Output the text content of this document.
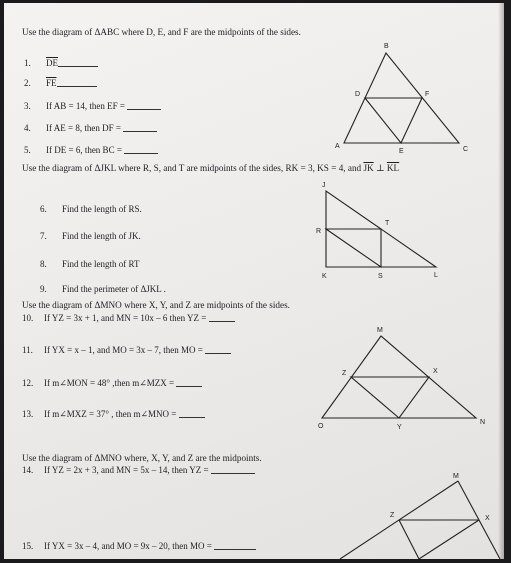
Use the diagram of ΔABC where D, E, and F are the midpoints of the sides.
1. $\overline{DE}$
2. $\overline{FE}$
3. If AB = 14, then EF =
4. If AE = 8, then DF =
5. If DE = 6, then BC =
B
D	F
A
E	C
Use the diagram of ΔJKL where R, S, and T are midpoints of the sides, RK = 3, KS = 4, and $\overline{JK}$ ⊥ $\overline{KL}$
6. Find the length of RS.
7. Find the length of JK.
8. Find the length of RT
9. Find the perimeter of ΔJKL .
J
T
R
K	S	L
Use the diagram of ΔMNO where X, Y, and Z are midpoints of the sides.
10. If YZ = 3x + 1, and MN = 10x – 6 then YZ =
11. If YX = x – 1, and MO = 3x – 7, then MO =
12. If m∠MON = 48° ,then m∠MZX =
13. If m∠MXZ = 37° , then m∠MNO =
M
Z	X
O	Y
N
Use the diagram of ΔMNO where, X, Y, and Z are the midpoints.
14. If YZ = 2x + 3, and MN = 5x – 14, then YZ =
15. If YX = 3x – 4, and MO = 9x – 20, then MO =
M
Z	X
